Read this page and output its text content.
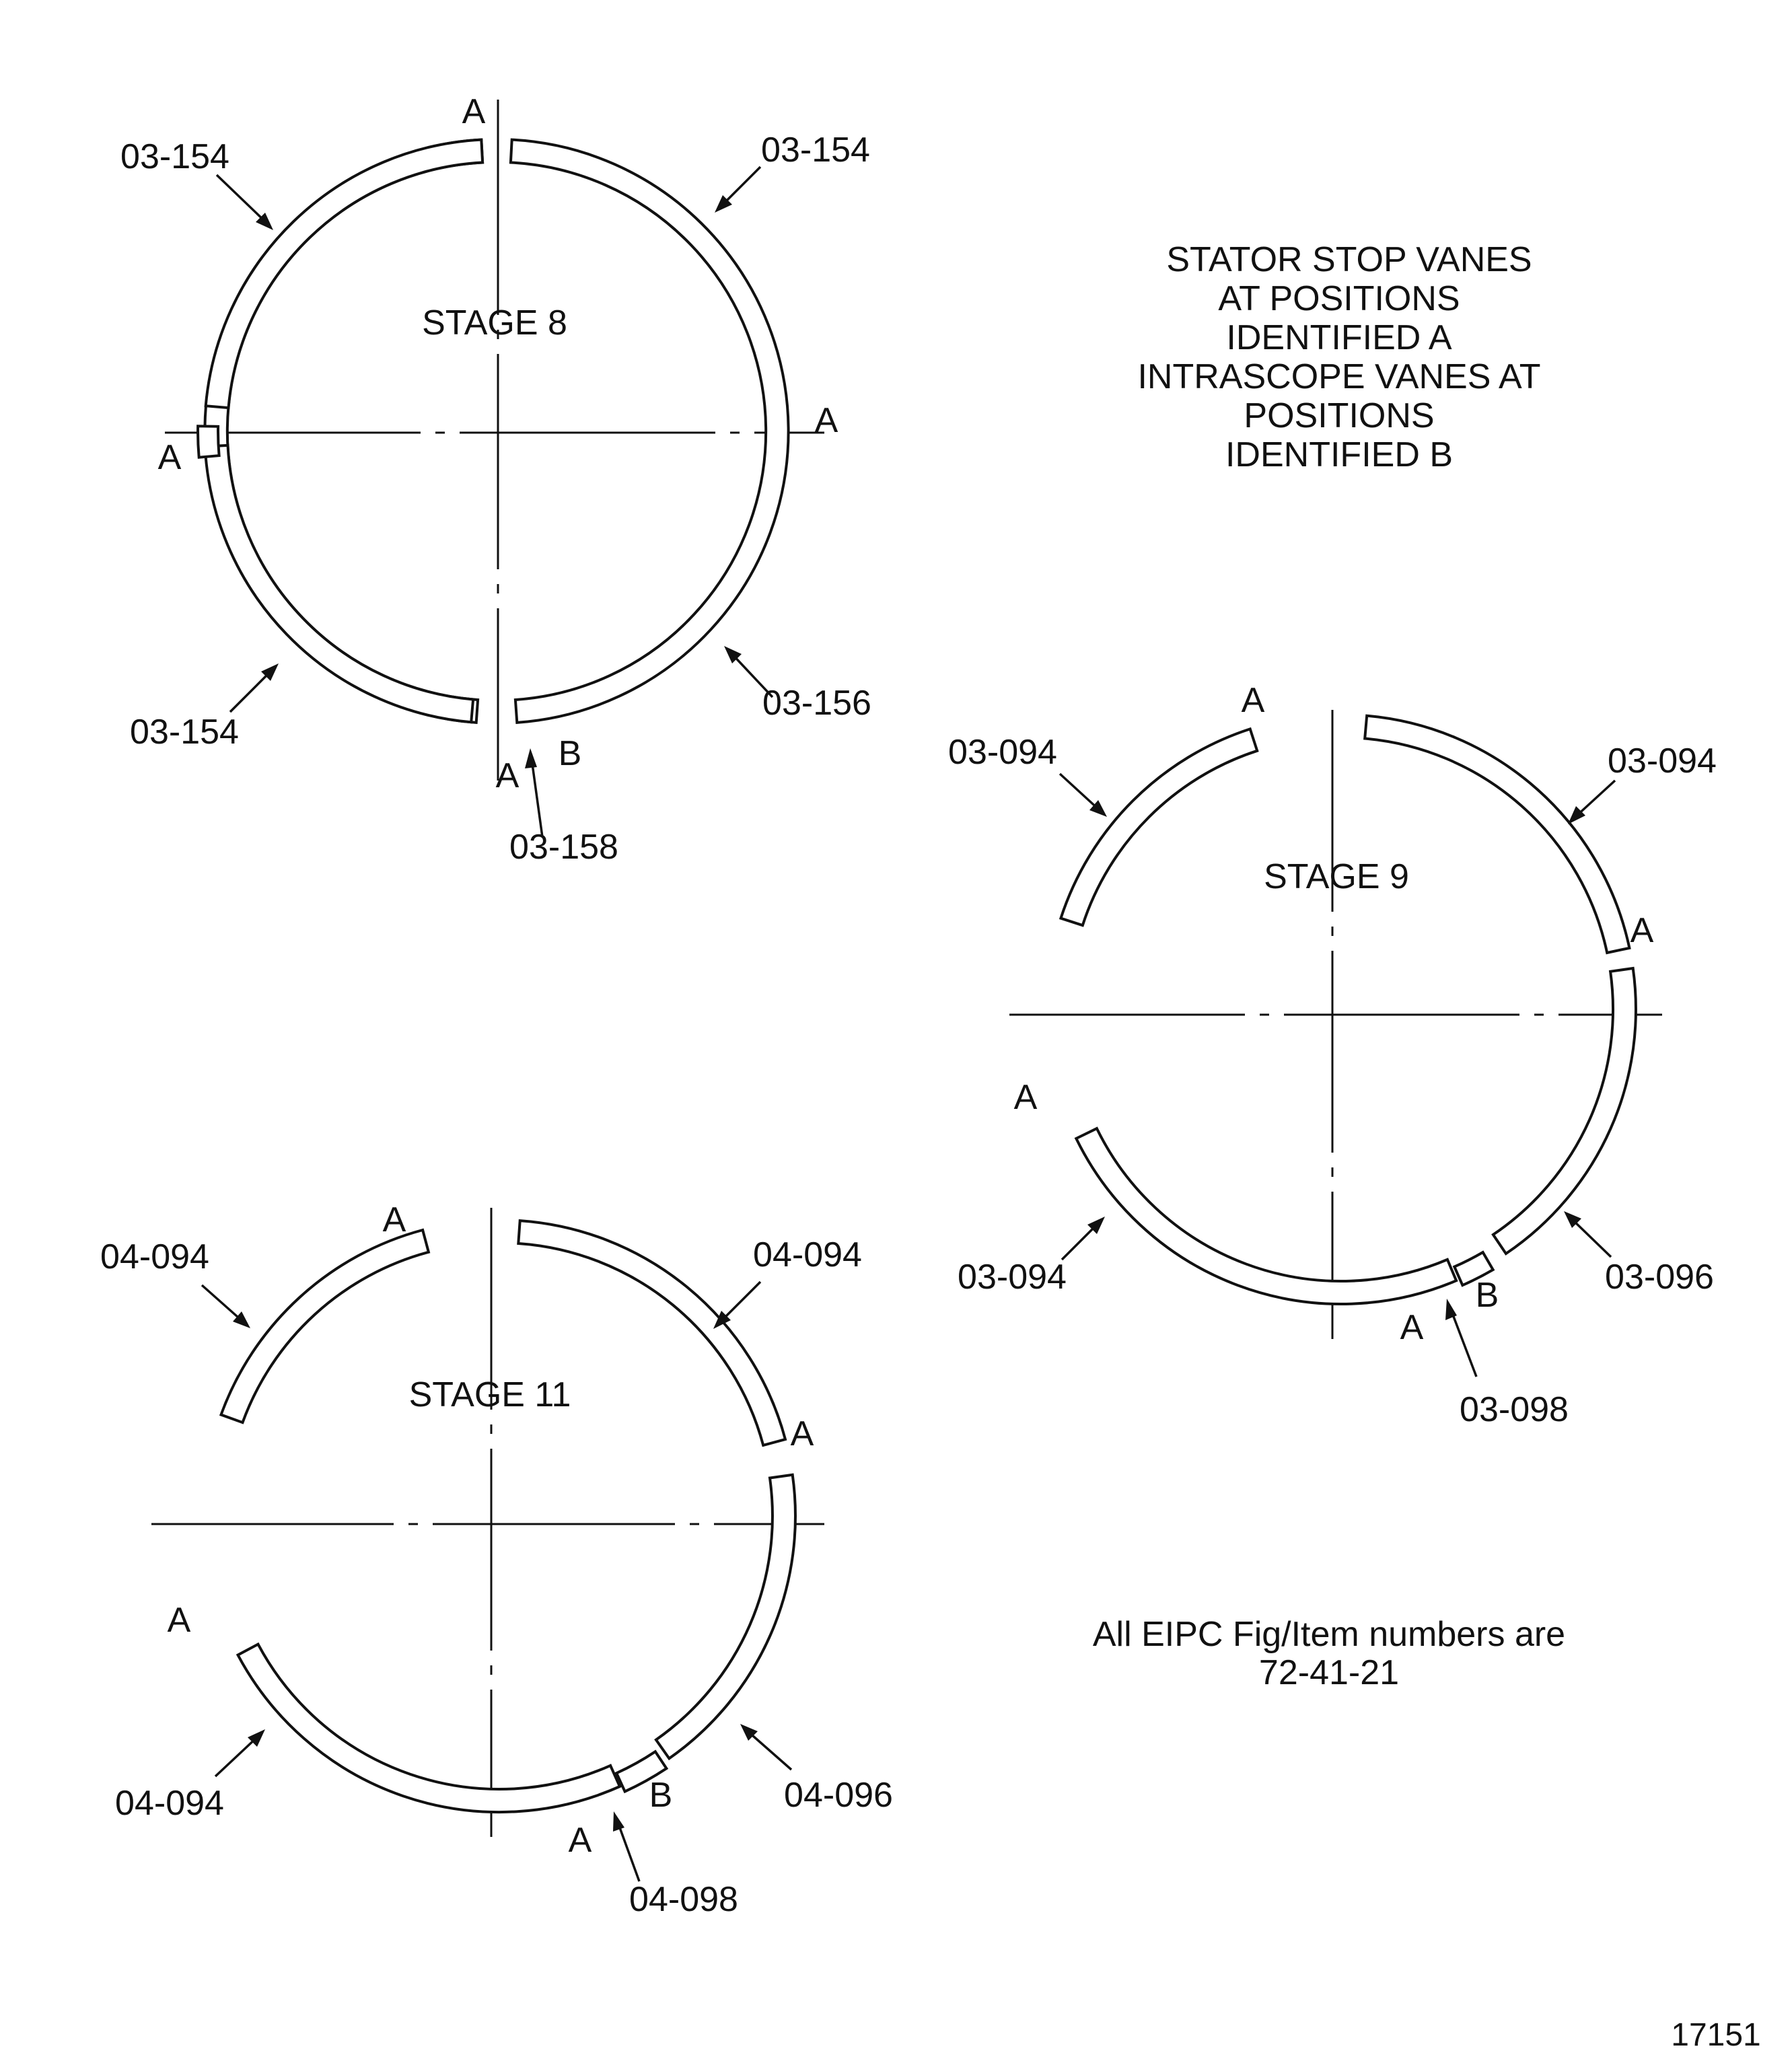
STAGE 8
A
A
A
A
B
03-154	03-154
03-154
03-156
03-158
STAGE 9
A
A
A
A
B
03-094	03-094
03-094	03-096
03-098
STAGE 11
A
A
A
A
B
04-094	04-094
04-094	04-096
04-098
STATOR STOP VANES
AT POSITIONS
IDENTIFIED A
INTRASCOPE VANES AT
POSITIONS
IDENTIFIED B
All EIPC Fig/Item numbers are
72-41-21
17151
